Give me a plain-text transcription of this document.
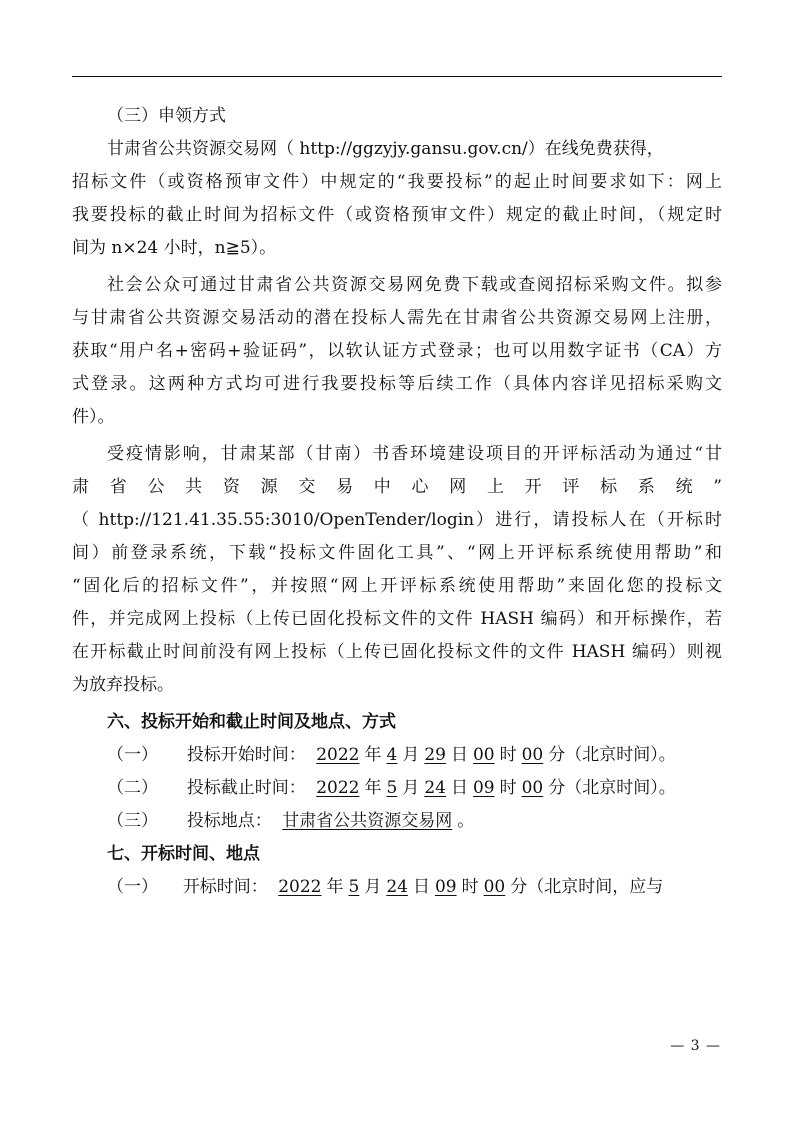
（三）申领方式
甘肃省公共资源交易网（ http://ggzyjy.gansu.gov.cn/）在线免费获得，
招标文件（或资格预审文件）中规定的“我要投标”的起止时间要求如下：网上
我要投标的截止时间为招标文件（或资格预审文件）规定的截止时间，（规定时
间为 n×24 小时，n≧5）。
社会公众可通过甘肃省公共资源交易网免费下载或查阅招标采购文件。拟参
与甘肃省公共资源交易活动的潜在投标人需先在甘肃省公共资源交易网上注册，
获取“用户名+密码+验证码”，以软认证方式登录；也可以用数字证书（CA）方
式登录。这两种方式均可进行我要投标等后续工作（具体内容详见招标采购文
件）。
受疫情影响，甘肃某部（甘南）书香环境建设项目的开评标活动为通过“甘
肃 省 公 共 资 源 交 易 中 心 网 上 开 评 标 系 统 ”
（ http://121.41.35.55:3010/OpenTender/login）进行，请投标人在（开标时
间）前登录系统，下载“投标文件固化工具”、“网上开评标系统使用帮助”和
“固化后的招标文件”，并按照“网上开评标系统使用帮助”来固化您的投标文
件，并完成网上投标（上传已固化投标文件的文件 HASH 编码）和开标操作，若
在开标截止时间前没有网上投标（上传已固化投标文件的文件 HASH 编码）则视
为放弃投标。
六、投标开始和截止时间及地点、方式
（一） 投标开始时间： 2022 年 4 月 29 日 00 时 00 分（北京时间）。
（二） 投标截止时间： 2022 年 5 月 24 日 09 时 00 分（北京时间）。
（三） 投标地点： 甘肃省公共资源交易网 。
七、开标时间、地点
（一） 开标时间： 2022 年 5 月 24 日 09 时 00 分（北京时间，应与
— 3 —
